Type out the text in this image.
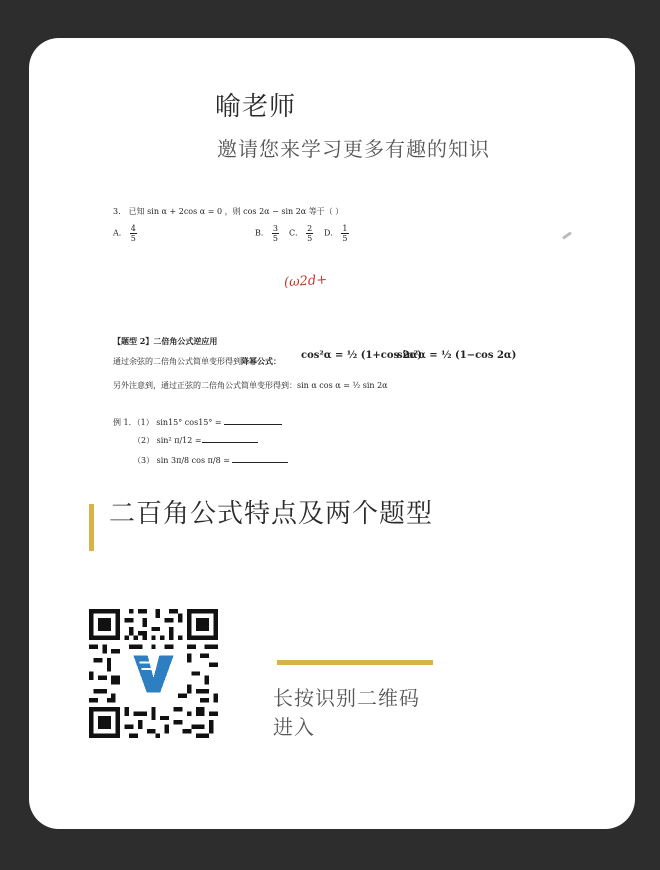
喻老师
邀请您来学习更多有趣的知识
3． 已知 sin α + 2cos α = 0 ，则 cos 2α − sin 2α 等于（ ）
A． $\frac{4}{5}$	B． $\frac{3}{5}$ C． $\frac{2}{5}$ D． $\frac{1}{5}$
(ω2d+
【题型 2】二倍角公式逆应用
通过余弦的二倍角公式简单变形得到降幂公式： cos²α = ½ (1+cos 2α)
sin²α = ½ (1−cos 2α)
另外注意到，通过正弦的二倍角公式简单变形得到：sin α cos α = ½ sin 2α
例 1．（1） sin15° cos15° =
（2） sin² π/12 =
（3） sin 3π/8 cos π/8 =
二百角公式特点及两个题型
长按识别二维码
进入
